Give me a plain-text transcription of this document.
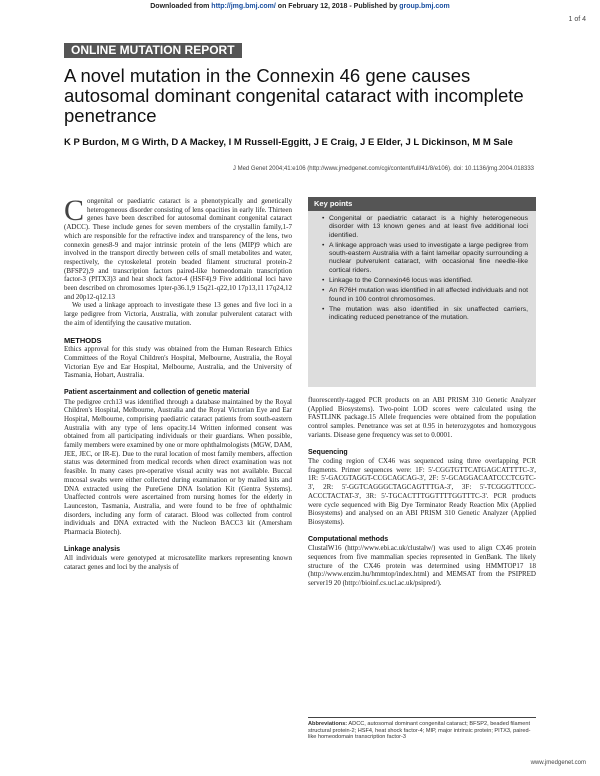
Downloaded from http://jmg.bmj.com/ on February 12, 2018 - Published by group.bmj.com
1 of 4
ONLINE MUTATION REPORT
A novel mutation in the Connexin 46 gene causes autosomal dominant congenital cataract with incomplete penetrance
K P Burdon, M G Wirth, D A Mackey, I M Russell-Eggitt, J E Craig, J E Elder, J L Dickinson, M M Sale
J Med Genet 2004;41:e106 (http://www.jmedgenet.com/cgi/content/full/41/8/e106). doi: 10.1136/jmg.2004.018333
Congenital or paediatric cataract is a phenotypically and genetically heterogeneous disorder consisting of lens opacities in early life. Thirteen genes have been described for autosomal dominant congenital cataract (ADCC). These include genes for seven members of the crystallin family,1-7 which are responsible for the refractive index and transparency of the lens, two connexin genes8-9 and major intrinsic protein of the lens (MIP)9 which are involved in the transport directly between cells of small metabolites and water, respectively, the cytoskeletal protein beaded filament structural protein-2 (BFSP2),9 and transcription factors paired-like homeodomain transcription factor-3 (PITX3)3 and heat shock factor-4 (HSF4).9 Five additional loci have been described on chromosomes 1pter-p36.1,9 15q21-q22,10 17p13,11 17q24,12 and 20p12-q12.13
We used a linkage approach to investigate these 13 genes and five loci in a large pedigree from Victoria, Australia, with zonular pulverulent cataract with the aim of identifying the causative mutation.
METHODS
Ethics approval for this study was obtained from the Human Research Ethics Committees of the Royal Children's Hospital, Melbourne, Australia, the Royal Victorian Eye and Ear Hospital, Melbourne, Australia, and the University of Tasmania, Hobart, Australia.
Patient ascertainment and collection of genetic material
The pedigree crch13 was identified through a database maintained by the Royal Children's Hospital, Melbourne, Australia and the Royal Victorian Eye and Ear Hospital, Melbourne, comprising paediatric cataract patients from south-eastern Australia with any type of lens opacity.14 Written informed consent was obtained from all participating individuals or their guardians. When possible, family members were examined by one or more ophthalmologists (MGW, DAM, JEE, JEC, or IR-E). Due to the rural location of most family members, affection status was determined from medical records when direct examination was not feasible. In many cases pre-operative visual acuity was not available. Buccal mucosal swabs were either collected during examination or by mailed kits and DNA extracted using the PureGene DNA Isolation Kit (Gentra Systems). Unaffected controls were ascertained from nursing homes for the elderly in Launceston, Tasmania, Australia, and were found to be free of ophthalmic disorders, including any form of cataract. Blood was collected from control individuals and DNA extracted with the Nucleon BACC3 kit (Amersham Pharmacia Biotech).
Linkage analysis
All individuals were genotyped at microsatellite markers representing known cataract genes and loci by the analysis of
Key points
• Congenital or paediatric cataract is a highly heterogeneous disorder with 13 known genes and at least five additional loci identified.
• A linkage approach was used to investigate a large pedigree from south-eastern Australia with a faint lamellar opacity surrounding a nuclear pulverulent cataract, with occasional fine needle-like cortical riders.
• Linkage to the Connexin46 locus was identified.
• An R76H mutation was identified in all affected individuals and not found in 100 control chromosomes.
• The mutation was also identified in six unaffected carriers, indicating reduced penetrance of the mutation.
fluorescently-tagged PCR products on an ABI PRISM 310 Genetic Analyzer (Applied Biosystems). Two-point LOD scores were calculated using the FASTLINK package.15 Allele frequencies were obtained from the population control samples. Penetrance was set at 0.95 in heterozygotes and homozygous variants. Disease gene frequency was set to 0.0001.
Sequencing
The coding region of CX46 was sequenced using three overlapping PCR fragments. Primer sequences were: 1F: 5'-CGGTGTTCATGAGCATTTTC-3', 1R: 5'-GACGTAGGT-CCGCAGCAG-3', 2F: 5'-GCAGGACAATCCCTCGTC-3', 2R: 5'-GGTCAGGGCTAGCAGTTTGA-3', 3F: 5'-TCGGGTTCCC-ACCCTACTAT-3', 3R: 5'-TGCACTTTGGTTTTGGTTTC-3'. PCR products were cycle sequenced with Big Dye Terminator Ready Reaction Mix (Applied Biosystems) and analysed on an ABI PRISM 310 Genetic Analyzer (Applied Biosystems).
Computational methods
ClustalW16 (http://www.ebi.ac.uk/clustalw/) was used to align CX46 protein sequences from five mammalian species represented in GenBank. The likely structure of the CX46 protein was determined using HMMTOP17 18 (http://www.enzim.hu/hmmtop/index.html) and MEMSAT from the PSIPRED server19 20 (http://bioinf.cs.ucl.ac.uk/psipred/).
Abbreviations: ADCC, autosomal dominant congenital cataract; BFSP2, beaded filament structural protein-2; HSF4, heat shock factor-4; MIP, major intrinsic protein; PITX3, paired-like homeodomain transcription factor-3
www.jmedgenet.com
